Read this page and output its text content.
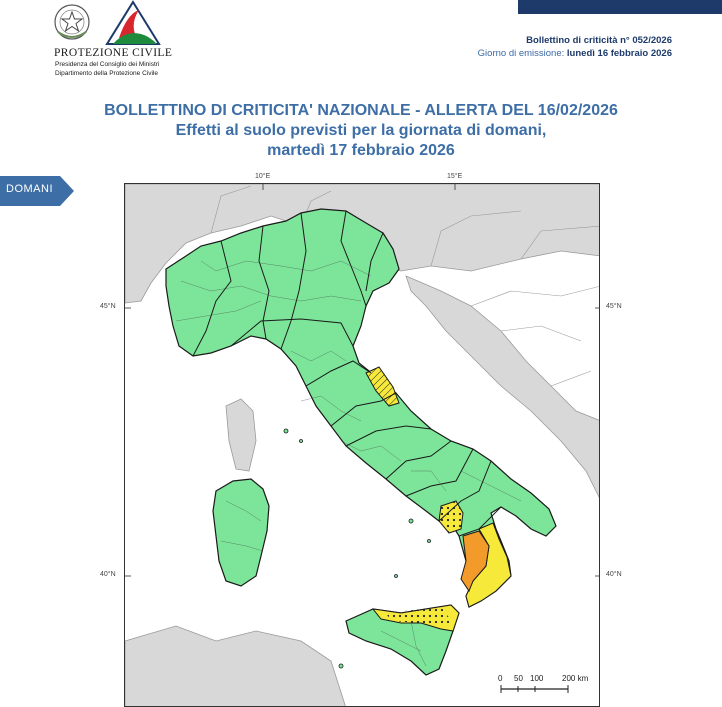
PROTEZIONE CIVILE
Presidenza del Consiglio dei Ministri
Dipartimento della Protezione Civile
Bollettino di criticità n° 052/2026
Giorno di emissione: lunedì 16 febbraio 2026
BOLLETTINO DI CRITICITA' NAZIONALE - ALLERTA DEL 16/02/2026
Effetti al suolo previsti per la giornata di domani,
martedì 17 febbraio 2026
DOMANI
10°E	15°E
45°N	45°N
40°N	40°N
0 50 100 200 km
